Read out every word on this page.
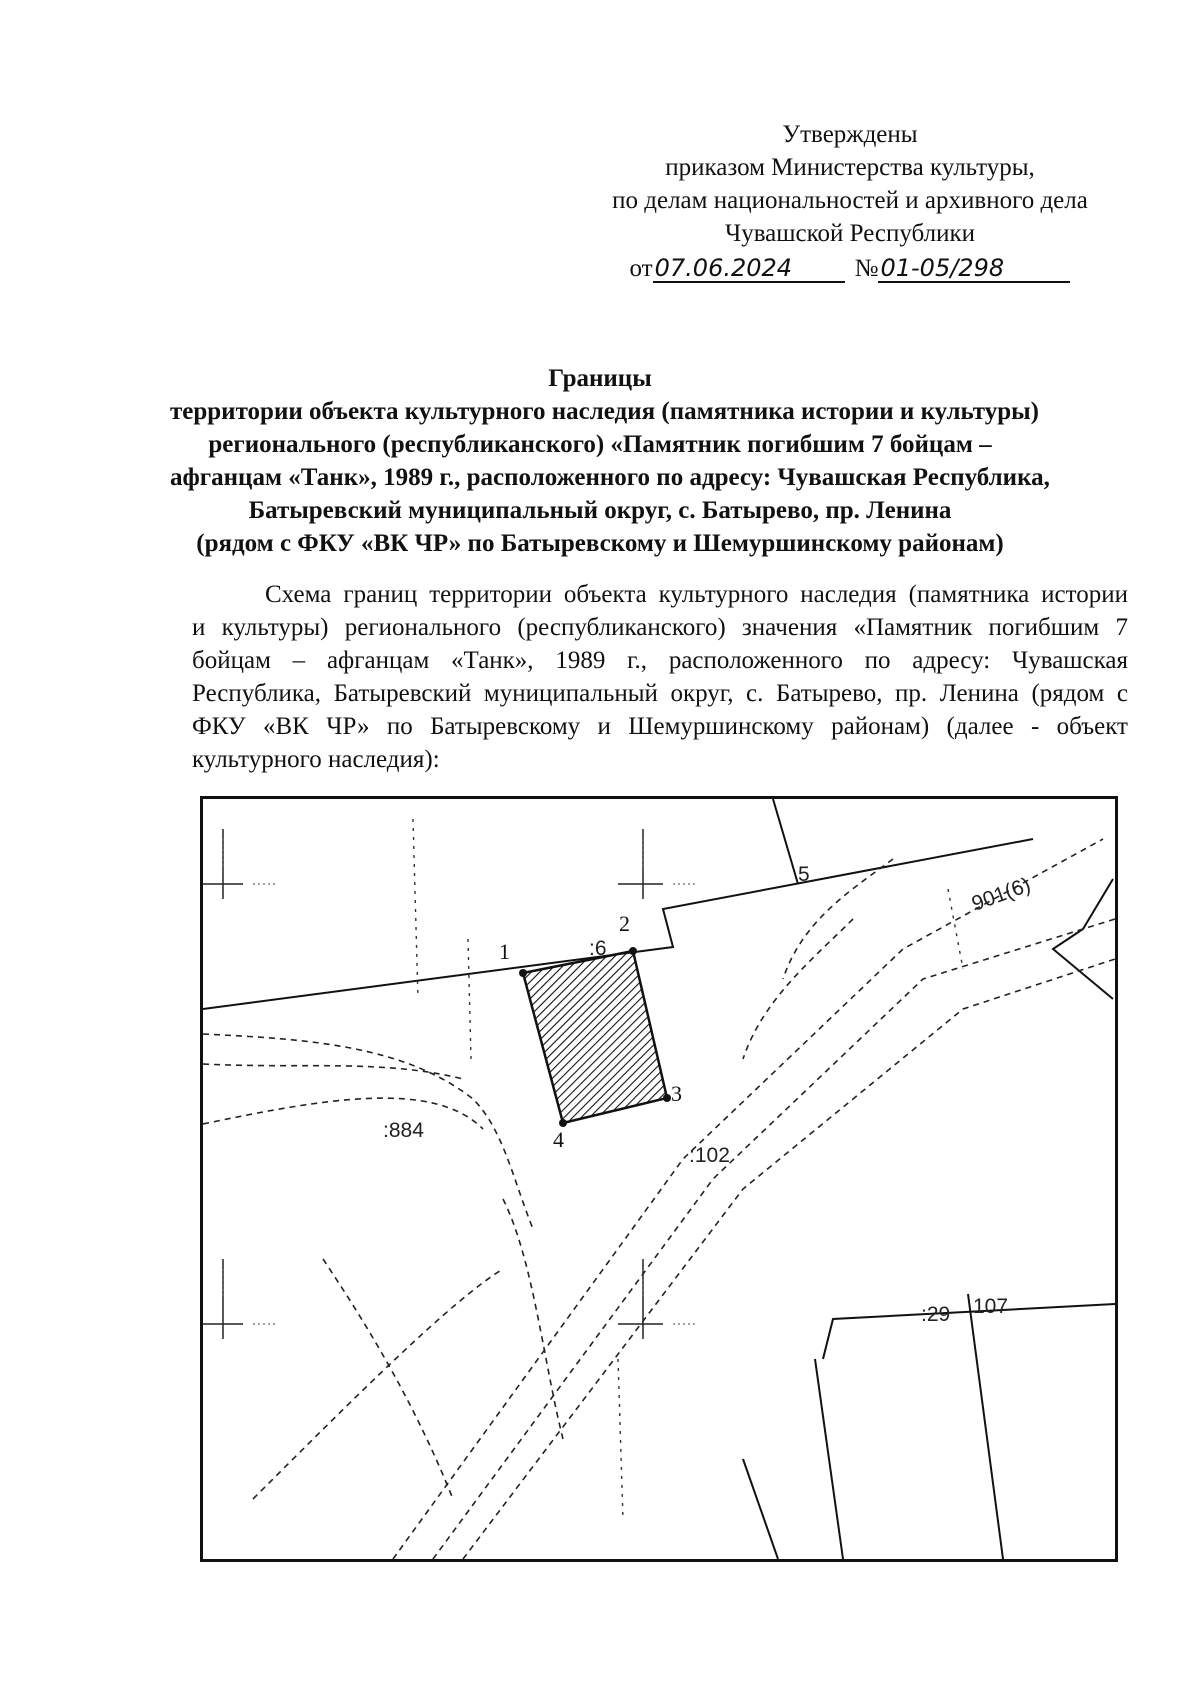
Утверждены
приказом Министерства культуры,
по делам национальностей и архивного дела
Чувашской Республики
от07.06.2024	№01-05/298
Границы
территории объекта культурного наследия (памятника истории и культуры)
регионального (республиканского) «Памятник погибшим 7 бойцам –
афганцам «Танк», 1989 г., расположенного по адресу: Чувашская Республика,
Батыревский муниципальный округ, с. Батырево, пр. Ленина
(рядом с ФКУ «ВК ЧР» по Батыревскому и Шемуршинскому районам)
Схема границ территории объекта культурного наследия (памятника истории
и культуры) регионального (республиканского) значения «Памятник погибшим 7
бойцам – афганцам «Танк», 1989 г., расположенного по адресу: Чувашская
Республика, Батыревский муниципальный округ, с. Батырево, пр. Ленина (рядом с
ФКУ «ВК ЧР» по Батыревскому и Шемуршинскому районам) (далее - объект
культурного наследия):
1
2
3
4
5
:6
901(6)
:884
:102
:29 107
